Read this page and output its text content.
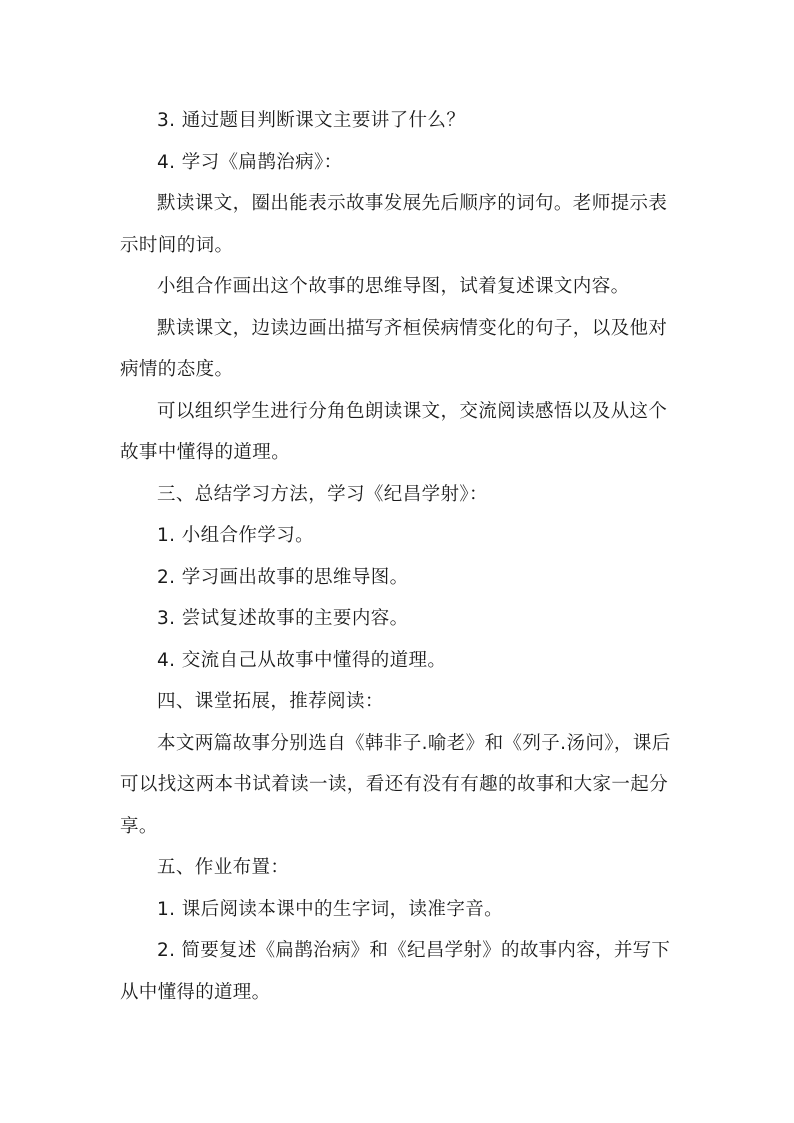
3. 通过题目判断课文主要讲了什么？

4. 学习《扁鹊治病》：

默读课文，圈出能表示故事发展先后顺序的词句。老师提示表示时间的词。

小组合作画出这个故事的思维导图，试着复述课文内容。

默读课文，边读边画出描写齐桓侯病情变化的句子，以及他对病情的态度。

可以组织学生进行分角色朗读课文，交流阅读感悟以及从这个故事中懂得的道理。

三、总结学习方法，学习《纪昌学射》：

1. 小组合作学习。

2. 学习画出故事的思维导图。

3. 尝试复述故事的主要内容。

4. 交流自己从故事中懂得的道理。

四、课堂拓展，推荐阅读：

本文两篇故事分别选自《韩非子.喻老》和《列子.汤问》，课后可以找这两本书试着读一读，看还有没有有趣的故事和大家一起分享。

五、作业布置：

1. 课后阅读本课中的生字词，读准字音。

2. 简要复述《扁鹊治病》和《纪昌学射》的故事内容，并写下从中懂得的道理。
